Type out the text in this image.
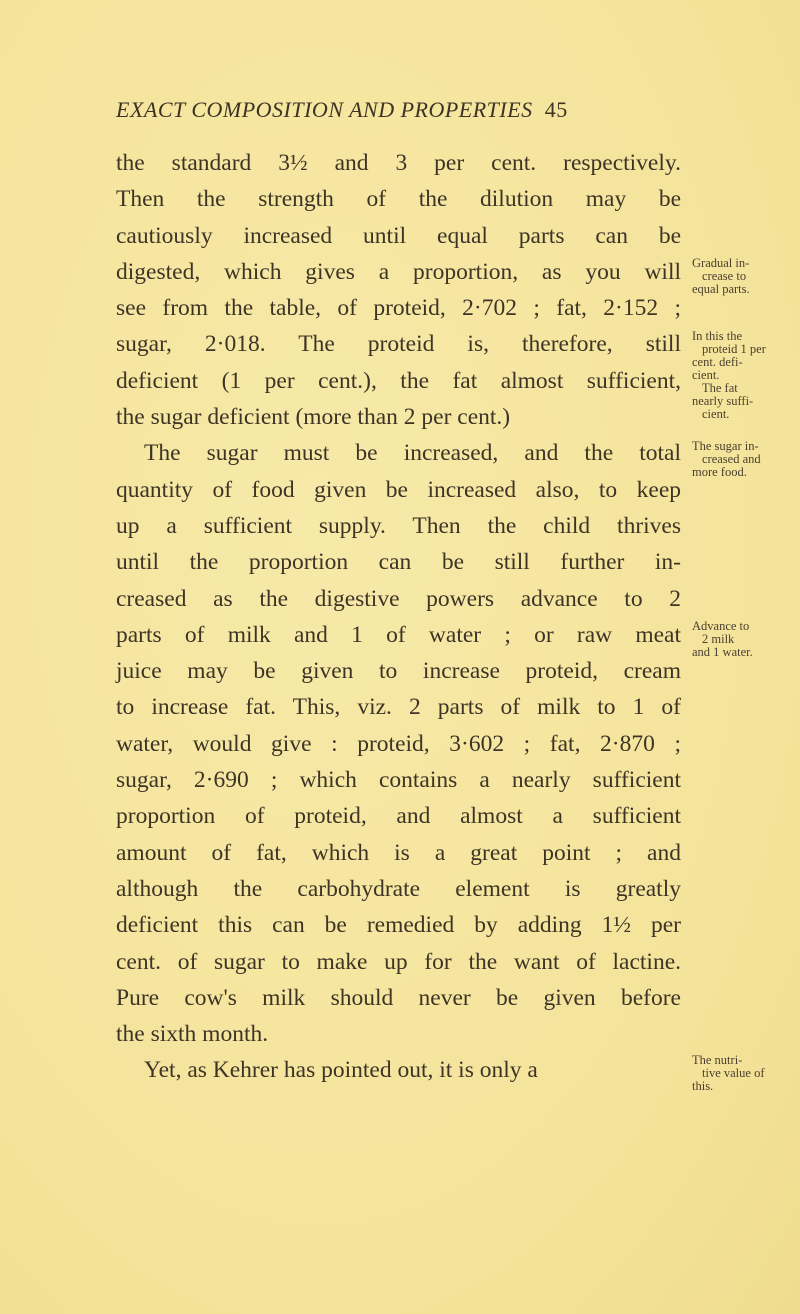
EXACT COMPOSITION AND PROPERTIES 45
the standard 3½ and 3 per cent. respectively.
Then the strength of the dilution may be
cautiously increased until equal parts can be
digested, which gives a proportion, as you will
see from the table, of proteid, 2·702 ; fat, 2·152 ;
sugar, 2·018. The proteid is, therefore, still
deficient (1 per cent.), the fat almost sufficient,
the sugar deficient (more than 2 per cent.)
The sugar must be increased, and the total
quantity of food given be increased also, to keep
up a sufficient supply. Then the child thrives
until the proportion can be still further in-
creased as the digestive powers advance to 2
parts of milk and 1 of water ; or raw meat
juice may be given to increase proteid, cream
to increase fat. This, viz. 2 parts of milk to 1 of
water, would give : proteid, 3·602 ; fat, 2·870 ;
sugar, 2·690 ; which contains a nearly sufficient
proportion of proteid, and almost a sufficient
amount of fat, which is a great point ; and
although the carbohydrate element is greatly
deficient this can be remedied by adding 1½ per
cent. of sugar to make up for the want of lactine.
Pure cow's milk should never be given before
the sixth month.
Yet, as Kehrer has pointed out, it is only a
Gradual in-
crease to
equal parts.
In this the
proteid 1 per
cent. defi-
cient.
The fat
nearly suffi-
cient.
The sugar in-
creased and
more food.
Advance to
2 milk
and 1 water.
The nutri-
tive value of
this.
